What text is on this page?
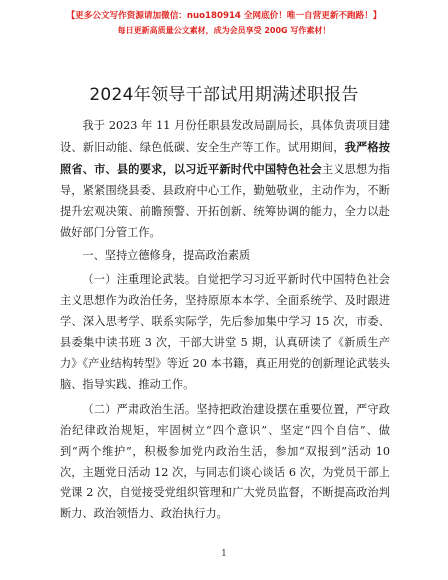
【更多公文写作资源请加微信：nuo180914 全网底价！唯一自营更新不跑路！】
每日更新高质量公文素材，成为会员享受 200G 写作素材！
2024年领导干部试用期满述职报告

我于 2023 年 11 月份任职县发改局副局长，具体负责项目建设、新旧动能、绿色低碳、安全生产等工作。试用期间，我严格按照省、市、县的要求，以习近平新时代中国特色社会主义思想为指导，紧紧围绕县委、县政府中心工作，勤勉敬业，主动作为，不断提升宏观决策、前瞻预警、开拓创新、统筹协调的能力，全力以赴做好部门分管工作。

一、坚持立德修身，提高政治素质

（一）注重理论武装。自觉把学习习近平新时代中国特色社会主义思想作为政治任务，坚持原原本本学、全面系统学、及时跟进学、深入思考学、联系实际学，先后参加集中学习 15 次，市委、县委集中读书班 3 次，干部大讲堂 5 期，认真研读了《新质生产力》《产业结构转型》等近 20 本书籍，真正用党的创新理论武装头脑、指导实践、推动工作。

（二）严肃政治生活。坚持把政治建设摆在重要位置，严守政治纪律政治规矩，牢固树立“四个意识”、坚定“四个自信”、做到“两个维护”，积极参加党内政治生活，参加“双报到”活动 10 次，主题党日活动 12 次，与同志们谈心谈话 6 次，为党员干部上党课 2 次，自觉接受党组织管理和广大党员监督，不断提高政治判断力、政治领悟力、政治执行力。

1
